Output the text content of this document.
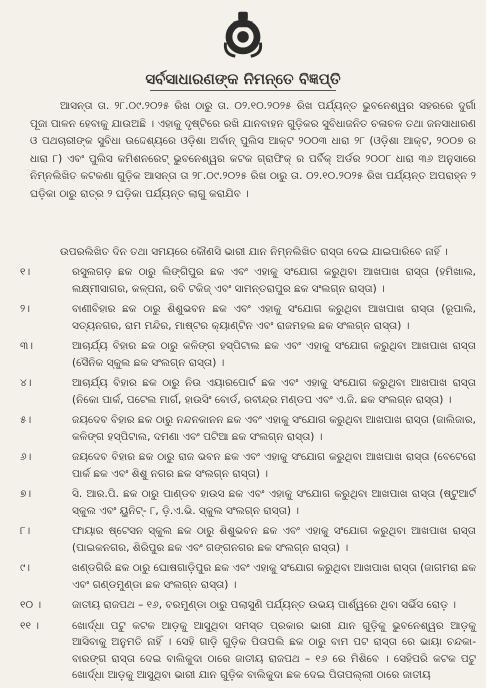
ସର୍ବସାଧାରଣଙ୍କ ନିମନ୍ତେ ବିଜ୍ଞପ୍ତି
ଆସନ୍ତା ତା. ୨୮.୦୯.୨୦୨୫ ରିଖ ଠାରୁ ତା. ୦୨.୧୦.୨୦୨୫ ରିଖ ପର୍ଯ୍ୟନ୍ତ ଭୁବନେଶ୍ୱର ସହରରେ ଦୁର୍ଗା ପୂଜା ପାଳନ ହେବାକୁ ଯାଉଅଛି । ଏହାକୁ ଦୃଷ୍ଟିରେ ରଖି ଯାନବାହନ ଗୁଡ଼ିକର ସୁବିଧାଜନିତ ଚଳାଚଳ ତଥା ଜନସାଧାରଣ ଓ ପଥଚାରୀଙ୍କ ସୁବିଧା ଉଦ୍ଦେଶ୍ୟରେ ଓଡ଼ିଶା ଅର୍ବାନ୍ ପୁଲିସ ଆକ୍ଟ ୨୦୦୩ ଧାରା ୨୮ (ଓଡ଼ିଶା ଆକ୍ଟ, ୨୦୦୭ ର ଧାରା ୮) ଏବଂ ପୁଲିସ କମିଶନରେଟ୍ ଭୁବନେଶ୍ୱର କଟକ ଗ୍ରାଫିକ୍ ର ପର୍ବିକ୍ ଅର୍ଡର ୨୦୦୮ ଧାରା ୩୬ ଅନୁସାରେ ନିମ୍ନଲିଖିତ କଟକଣା ଗୁଡ଼ିକ ଆସନ୍ତା ତା ୨୮.୦୯.୨୦୨୫ ରିଖ ଠାରୁ ତା. ୦୨.୧୦.୨୦୨୫ ରିଖ ପର୍ଯ୍ୟନ୍ତ ଅପରାହ୍ନ ୨ ଘଡ଼ିକା ଠାରୁ ରାତ୍ର ୨ ଘଡ଼ିକା ପର୍ଯ୍ୟନ୍ତ ଲାଗୁ କରାଯିବ ।
ଉପରଲିଖିତ ଦିନ ତଥା ସମୟରେ କୌଣସି ଭାରୀ ଯାନ ନିମ୍ନଲିଖିତ ରାସ୍ତା ଦେଇ ଯାଇପାରିବେ ନାହିଁ ।
୧।	ରସୁଲଗଡ଼ ଛକ ଠାରୁ ଲିଙ୍ଗିପୁର ଛକ ଏବଂ ଏହାକୁ ସଂଯୋଗ କରୁଥିବା ଆଖପାଖ ରାସ୍ତା (ହମିଖାଲ, ଲକ୍ଷ୍ମୀସାଗର, କଳ୍ପନା, ରବି ଟକିଜ୍ ଏବଂ ସାମନ୍ତରାପୁର ଛକ ସଂଲଗ୍ନ ରାସ୍ତା) ।
୨।	ବାଣୀବିହାର ଛକ ଠାରୁ ଶିଶୁଭବନ ଛକ ଏବଂ ଏହାକୁ ସଂଯୋଗ କରୁଥିବା ଆଖପାଖ ରାସ୍ତା (ରୂପାଲି, ସତ୍ୟନଗର, ରାମ ମନ୍ଦିର, ମାଷ୍ଟର କ୍ୟାଣ୍ଟିନ ଏବଂ ରାଜମହଲ ଛକ ସଂଲଗ୍ନ ରାସ୍ତା) ।
୩।	ଆଚାର୍ଯ୍ୟ ବିହାର ଛକ ଠାରୁ କଳିଙ୍ଗ ହସ୍ପିଟାଲ ଛକ ଏବଂ ଏହାକୁ ସଂଯୋଗ କରୁଥିବା ଆଖପାଖ ରାସ୍ତା (ସୈନିକ ସ୍କୁଲ ଛକ ସଂଲଗ୍ନ ରାସ୍ତା) ।
୪।	ଆଚାର୍ଯ୍ୟ ବିହାର ଛକ ଠାରୁ ନିଉ ଏୟାରପୋର୍ଟ ଛକ ଏବଂ ଏହାକୁ ସଂଯୋଗ କରୁଥିବା ଆଖପାଖ ରାସ୍ତା (ନିକୋ ପାର୍କ, ପଟେଲ ମାର୍ଗ, ହାଉସିଂ ବୋର୍ଡ, ରବୀନ୍ଦ୍ର ମଣ୍ଡପ ଏବଂ ଏ.ଜି. ଛକ ସଂଲଗ୍ନ ରାସ୍ତା) ।
୫।	ଜୟଦେବ ବିହାର ଛକ ଠାରୁ ନନ୍ଦନକାନନ ଛକ ଏବଂ ଏହାକୁ ସଂଯୋଗ କରୁଥିବା ଆଖପାଖ ରାସ୍ତା (ଜାଲିଜାର, କଳିଙ୍ଗ ହସ୍ପିଟାଲ, ଦମଣା ଏବଂ ପଟିଆ ଛକ ସଂଲଗ୍ନ ରାସ୍ତା) ।
୬।	ଜୟଦେବ ବିହାର ଛକ ଠାରୁ ରାଜ ଭବନ ଛକ ଏବଂ ଏହାକୁ ସଂଯୋଗ କରୁଥିବା ଆଖପାଖ ରାସ୍ତା (ବେଟେରୋ ପାର୍କ ଛକ ଏବଂ ଶିଶୁ ନଗର ଛକ ସଂଲଗ୍ନ ରାସ୍ତା) ।
୭।	ସି. ଆର.ପି. ଛକ ଠାରୁ ପାଣ୍ଡବ ହାଉସ ଛକ ଏବଂ ଏହାକୁ ସଂଯୋଗ କରୁଥିବା ଆଖପାଖ ରାସ୍ତା (ଷ୍ଟୁଆର୍ଟ ସ୍କୁଲ ଏବଂ ୟୁନିଟ୍- ୮, ଡ଼ି.ଏ.ଭି. ସ୍କୁଲ ସଂଲଗ୍ନ ରାସ୍ତା) ।
୮।	ଫାୟାର ଷ୍ଟେସନ ସ୍କୁଲ ଛକ ଠାରୁ ଶିଶୁଭବନ ଛକ ଏବଂ ଏହାକୁ ସଂଯୋଗ କରୁଥିବା ଆଖପାଖ ରାସ୍ତା (ପାଇକନଗର, ଶିରିପୁର ଛକ ଏବଂ ଗଙ୍ଗନଗର ଛକ ସଂଲଗ୍ନ ରାସ୍ତା) ।
୯।	ଖଣ୍ଡଗିରି ଛକ ଠାରୁ ଘୋଷଗାଡ଼ିପୁର ଛକ ଏବଂ ଏହାକୁ ସଂଯୋଗ କରୁଥିବା ଆଖପାଖ ରାସ୍ତା (ଜାଗମରା ଛକ ଏବଂ ଗଣ୍ଡମୁଣ୍ଡା ଛକ ସଂଲଗ୍ନ ରାସ୍ତା) ।
୧୦ ।	ଜାତୀୟ ରାଜପଥ – ୧୬, ବରମୁଣ୍ଡା ଠାରୁ ପଲାସୁଣି ପର୍ଯ୍ୟନ୍ତ ଉଭୟ ପାର୍ଶ୍ୱରେ ଥିବା ସର୍ଭିସ ରୋଡ଼ ।
୧୧ ।	ଖୋର୍ଦ୍ଧା ପଟୁ କଟକ ଆଡ଼କୁ ଆସୁଥିବା ସମସ୍ତ ପ୍ରକାର ଭାରୀ ଯାନ ଗୁଡ଼ିକୁ ଭୁବନେଶ୍ୱର ଆଡ଼କୁ ଆସିବାକୁ ଅନୁମତି ନାହିଁ । ସେହି ଗାଡ଼ି ଗୁଡ଼ିକ ପିତାପଲି ଛକ ଠାରୁ ବାମ ପଟ ରାସ୍ତା ରେ ଭାୟା ଚନ୍ଦକା-ବାରଙ୍ଗ ରାସ୍ତା ଦେଇ ବାଲିକୁଦା ଠାରେ ଜାତୀୟ ରାଜପଥ – ୧୬ ରେ ମିଶିବେ । ସେହିପରି କଟକ ପଟୁ ଖୋର୍ଦ୍ଧା ଆଡ଼କୁ ଆସୁଥିବା ଭାରୀ ଯାନ ଗୁଡ଼ିକ ବାଲିକୁଦା ଛକ ଦେଇ ପିତାପଲ୍ଲୀ ଠାରେ ଜାତୀୟ
